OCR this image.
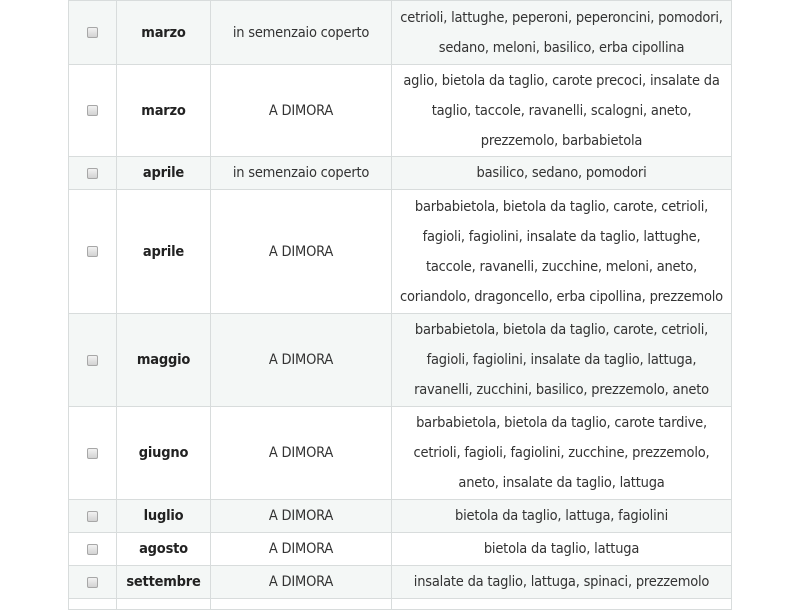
	marzo	in semenzaio coperto	cetrioli, lattughe, peperoni, peperoncini, pomodori, sedano, meloni, basilico, erba cipollina
	marzo	A DIMORA	aglio, bietola da taglio, carote precoci, insalate da taglio, taccole, ravanelli, scalogni, aneto, prezzemolo, barbabietola
	aprile	in semenzaio coperto	basilico, sedano, pomodori
	aprile	A DIMORA	barbabietola, bietola da taglio, carote, cetrioli, fagioli, fagiolini, insalate da taglio, lattughe, taccole, ravanelli, zucchine, meloni, aneto, coriandolo, dragoncello, erba cipollina, prezzemolo
	maggio	A DIMORA	barbabietola, bietola da taglio, carote, cetrioli, fagioli, fagiolini, insalate da taglio, lattuga, ravanelli, zucchini, basilico, prezzemolo, aneto
	giugno	A DIMORA	barbabietola, bietola da taglio, carote tardive, cetrioli, fagioli, fagiolini, zucchine, prezzemolo, aneto, insalate da taglio, lattuga
	luglio	A DIMORA	bietola da taglio, lattuga, fagiolini
	agosto	A DIMORA	bietola da taglio, lattuga
	settembre	A DIMORA	insalate da taglio, lattuga, spinaci, prezzemolo
